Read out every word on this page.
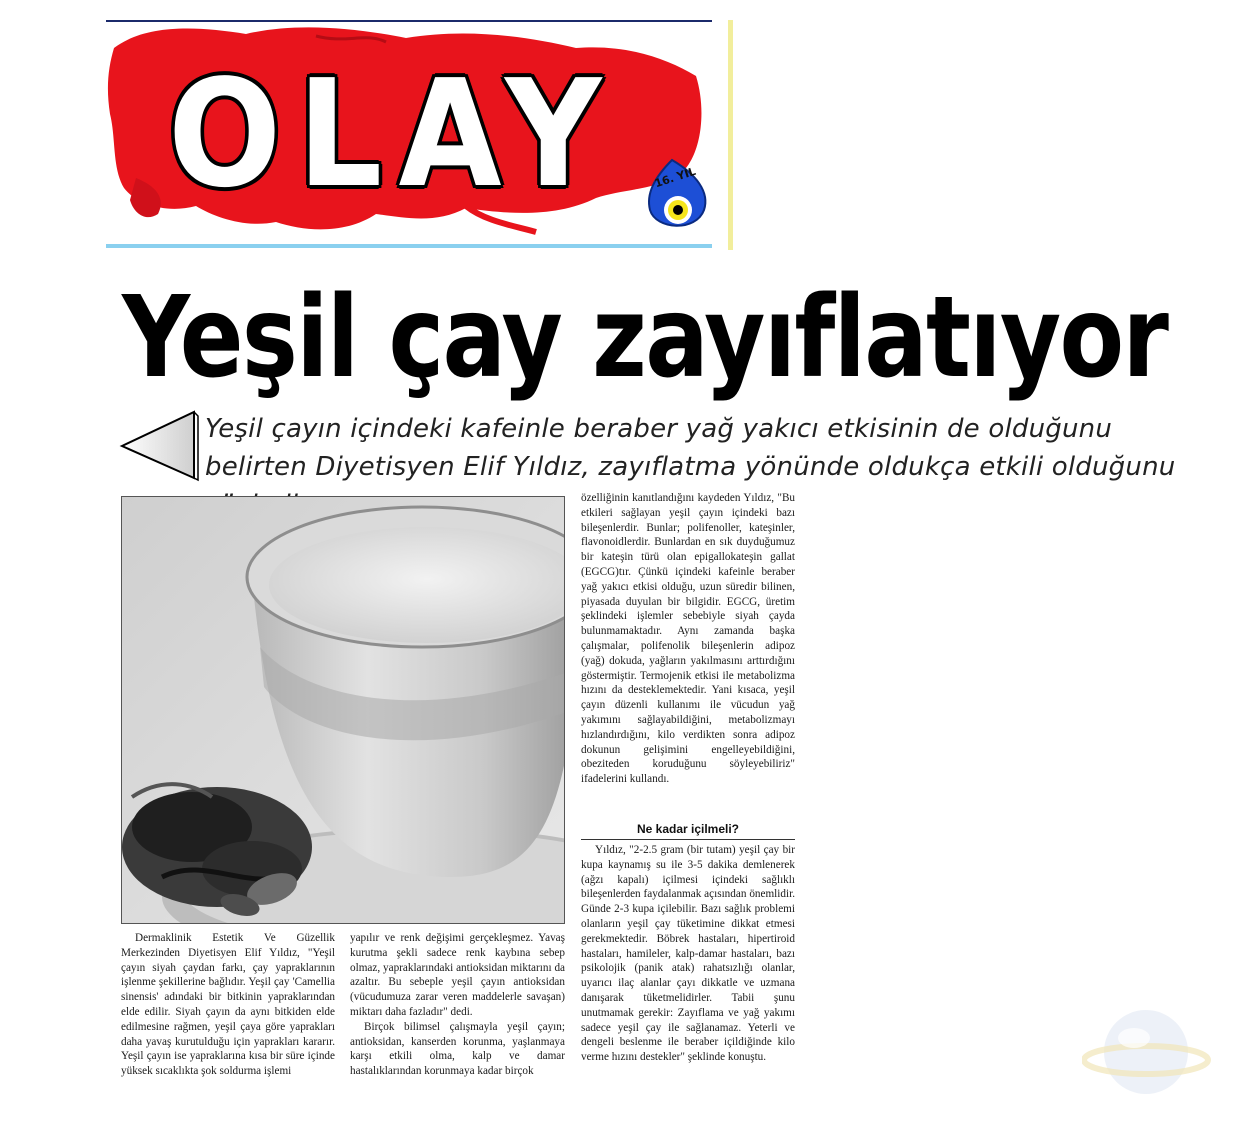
OLAY	16. YIL
Yeşil çay zayıflatıyor
Yeşil çayın içindeki kafeinle beraber yağ yakıcı etkisinin de olduğunu belirten Diyetisyen Elif Yıldız, zayıflatma yönünde oldukça etkili olduğunu

özelliğinin kanıtlandığını kaydeden Yıldız, "Bu etkileri sağlayan yeşil çayın içindeki bazı bileşenlerdir. Bunlar; polifenoller, kateşinler, flavonoidlerdir. Bunlardan en sık duyduğumuz bir kateşin türü olan epigallokateşin gallat (EGCG)tır. Çünkü içindeki kafeinle beraber yağ yakıcı etkisi olduğu, uzun süredir bilinen, piyasada duyulan bir bilgidir. EGCG, üretim şeklindeki işlemler sebebiyle siyah çayda bulunmamaktadır. Aynı zamanda başka çalışmalar, polifenolik bileşenlerin adipoz (yağ) dokuda, yağların yakılmasını arttırdığını göstermiştir. Termojenik etkisi ile metabolizma hızını da desteklemektedir. Yani kısaca, yeşil çayın düzenli kullanımı ile vücudun yağ yakımını sağlayabildiğini, metabolizmayı hızlandırdığını, kilo verdikten sonra adipoz dokunun gelişimini engelleyebildiğini, obeziteden koruduğunu söyleyebiliriz" ifadelerini kullandı.

Ne kadar içilmeli?

Yıldız, "2-2.5 gram (bir tutam) yeşil çay bir kupa kaynamış su ile 3-5 dakika demlenerek (ağzı kapalı) içilmesi içindeki sağlıklı bileşenlerden faydalanmak açısından önemlidir. Günde 2-3 kupa içilebilir. Bazı sağlık problemi olanların yeşil çay tüketimine dikkat etmesi gerekmektedir. Böbrek hastaları, hipertiroid hastaları, hamileler, kalp-damar hastaları, bazı psikolojik (panik atak) rahatsızlığı olanlar, uyarıcı ilaç alanlar çayı dikkatle ve uzmana danışarak tüketmelidirler. Tabii şunu unutmamak gerekir: Zayıflama ve yağ yakımı sadece yeşil çay ile sağlanamaz. Yeterli ve dengeli beslenme ile beraber içildiğinde kilo verme hızını destekler" şeklinde konuştu.

Dermaklinik Estetik Ve Güzellik Merkezinden Diyetisyen Elif Yıldız, "Yeşil çayın siyah çaydan farkı, çay yapraklarının işlenme şekillerine bağlıdır. Yeşil çay 'Camellia sinensis' adındaki bir bitkinin yapraklarından elde edilir. Siyah çayın da aynı bitkiden elde edilmesine rağmen, yeşil çaya göre yaprakları daha yavaş kurutulduğu için yaprakları kararır. Yeşil çayın ise yapraklarına kısa bir süre içinde yüksek sıcaklıkta şok soldurma işlemi

yapılır ve renk değişimi gerçekleşmez. Yavaş kurutma şekli sadece renk kaybına sebep olmaz, yapraklarındaki antioksidan miktarını da azaltır. Bu sebeple yeşil çayın antioksidan (vücudumuza zarar veren maddelerle savaşan) miktarı daha fazladır" dedi.

Birçok bilimsel çalışmayla yeşil çayın; antioksidan, kanserden korunma, yaşlanmaya karşı etkili olma, kalp ve damar hastalıklarından korunmaya kadar birçok
